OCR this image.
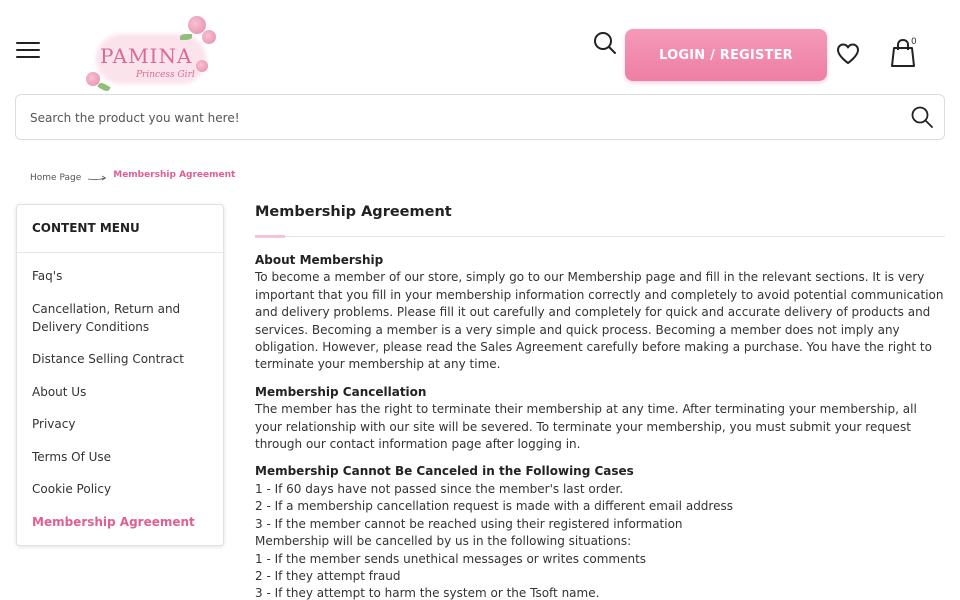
PAMINA
Princess Girl
LOGIN / REGISTER
0
Search the product you want here!
Home Page	Membership Agreement
CONTENT MENU
Faq's
Cancellation, Return and Delivery Conditions
Distance Selling Contract
About Us
Privacy
Terms Of Use
Cookie Policy
Membership Agreement
Membership Agreement
About Membership
To become a member of our store, simply go to our Membership page and fill in the relevant sections. It is very important that you fill in your membership information correctly and completely to avoid potential communication and delivery problems. Please fill it out carefully and completely for quick and accurate delivery of products and services. Becoming a member is a very simple and quick process. Becoming a member does not imply any obligation. However, please read the Sales Agreement carefully before making a purchase. You have the right to terminate your membership at any time.
Membership Cancellation
The member has the right to terminate their membership at any time. After terminating your membership, all your relationship with our site will be severed. To terminate your membership, you must submit your request through our contact information page after logging in.
Membership Cannot Be Canceled in the Following Cases
1 - If 60 days have not passed since the member's last order.
2 - If a membership cancellation request is made with a different email address
3 - If the member cannot be reached using their registered information
Membership will be cancelled by us in the following situations:
1 - If the member sends unethical messages or writes comments
2 - If they attempt fraud
3 - If they attempt to harm the system or the Tsoft name.
